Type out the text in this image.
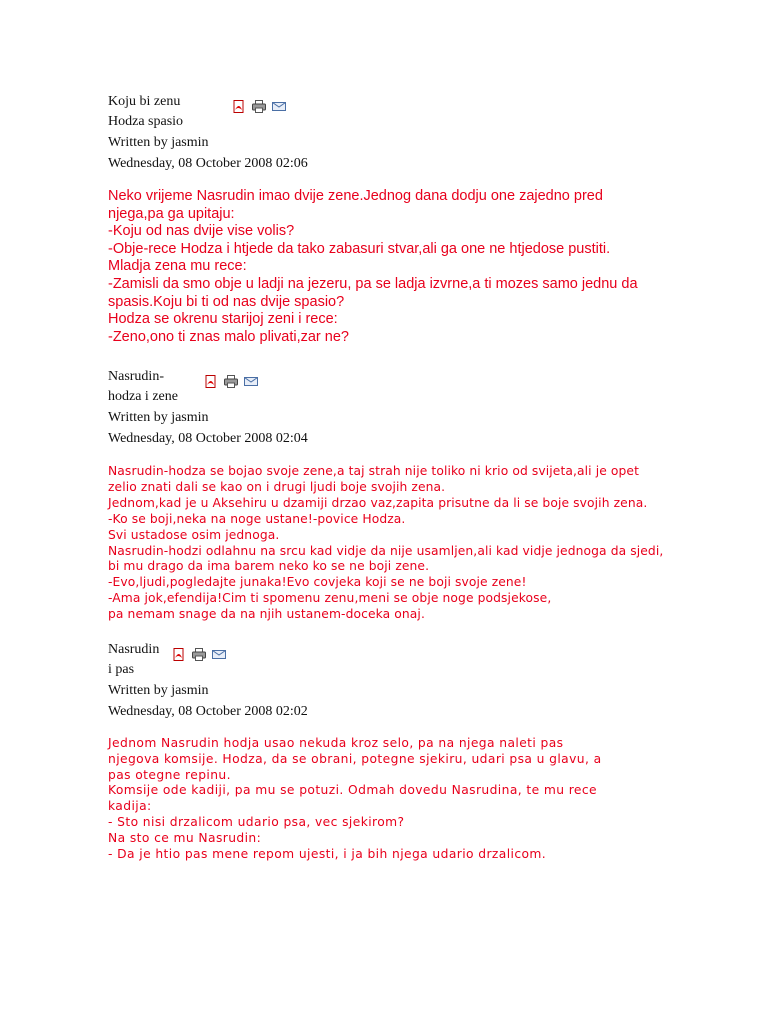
Koju bi zenu
Hodza spasio
Written by jasmin
Wednesday, 08 October 2008 02:06
Neko vrijeme Nasrudin imao dvije zene.Jednog dana dodju one zajedno pred
njega,pa ga upitaju:
-Koju od nas dvije vise volis?
-Obje-rece Hodza i htjede da tako zabasuri stvar,ali ga one ne htjedose pustiti.
Mladja zena mu rece:
-Zamisli da smo obje u ladji na jezeru, pa se ladja izvrne,a ti mozes samo jednu da
spasis.Koju bi ti od nas dvije spasio?
Hodza se okrenu starijoj zeni i rece:
-Zeno,ono ti znas malo plivati,zar ne?
Nasrudin-
hodza i zene
Written by jasmin
Wednesday, 08 October 2008 02:04
Nasrudin-hodza se bojao svoje zene,a taj strah nije toliko ni krio od svijeta,ali je opet
zelio znati dali se kao on i drugi ljudi boje svojih zena.
Jednom,kad je u Aksehiru u dzamiji drzao vaz,zapita prisutne da li se boje svojih zena.
-Ko se boji,neka na noge ustane!-povice Hodza.
Svi ustadose osim jednoga.
Nasrudin-hodzi odlahnu na srcu kad vidje da nije usamljen,ali kad vidje jednoga da sjedi,
bi mu drago da ima barem neko ko se ne boji zene.
-Evo,ljudi,pogledajte junaka!Evo covjeka koji se ne boji svoje zene!
-Ama jok,efendija!Cim ti spomenu zenu,meni se obje noge podsjekose,
pa nemam snage da na njih ustanem-doceka onaj.
Nasrudin
i pas
Written by jasmin
Wednesday, 08 October 2008 02:02
Jednom Nasrudin hodja usao nekuda kroz selo, pa na njega naleti pas
njegova komsije. Hodza, da se obrani, potegne sjekiru, udari psa u glavu, a
pas otegne repinu.
Komsije ode kadiji, pa mu se potuzi. Odmah dovedu Nasrudina, te mu rece
kadija:
- Sto nisi drzalicom udario psa, vec sjekirom?
Na sto ce mu Nasrudin:
- Da je htio pas mene repom ujesti, i ja bih njega udario drzalicom.
